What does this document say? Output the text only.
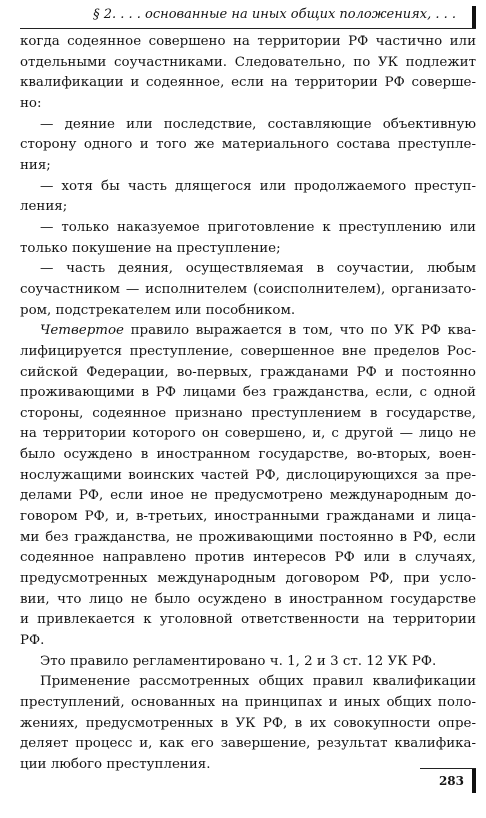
§ 2. . . . основанные на иных общих положениях, . . .
когда содеянное совершено на территории РФ частично или
отдельными соучастниками. Следовательно, по УК подлежит
квалификации и содеянное, если на территории РФ соверше-
но:
— деяние или последствие, составляющие объективную
сторону одного и того же материального состава преступле-
ния;
— хотя бы часть длящегося или продолжаемого преступ-
ления;
— только наказуемое приготовление к преступлению или
только покушение на преступление;
— часть деяния, осуществляемая в соучастии, любым
соучастником — исполнителем (соисполнителем), организато-
ром, подстрекателем или пособником.
Четвертое правило выражается в том, что по УК РФ ква-
лифицируется преступление, совершенное вне пределов Рос-
сийской Федерации, во-первых, гражданами РФ и постоянно
проживающими в РФ лицами без гражданства, если, с одной
стороны, содеянное признано преступлением в государстве,
на территории которого он совершено, и, с другой — лицо не
было осуждено в иностранном государстве, во-вторых, воен-
нослужащими воинских частей РФ, дислоцирующихся за пре-
делами РФ, если иное не предусмотрено международным до-
говором РФ, и, в-третьих, иностранными гражданами и лица-
ми без гражданства, не проживающими постоянно в РФ, если
содеянное направлено против интересов РФ или в случаях,
предусмотренных международным договором РФ, при усло-
вии, что лицо не было осуждено в иностранном государстве
и привлекается к уголовной ответственности на территории
РФ.
Это правило регламентировано ч. 1, 2 и 3 ст. 12 УК РФ.
Применение рассмотренных общих правил квалификации
преступлений, основанных на принципах и иных общих поло-
жениях, предусмотренных в УК РФ, в их совокупности опре-
деляет процесс и, как его завершение, результат квалифика-
ции любого преступления.
283
